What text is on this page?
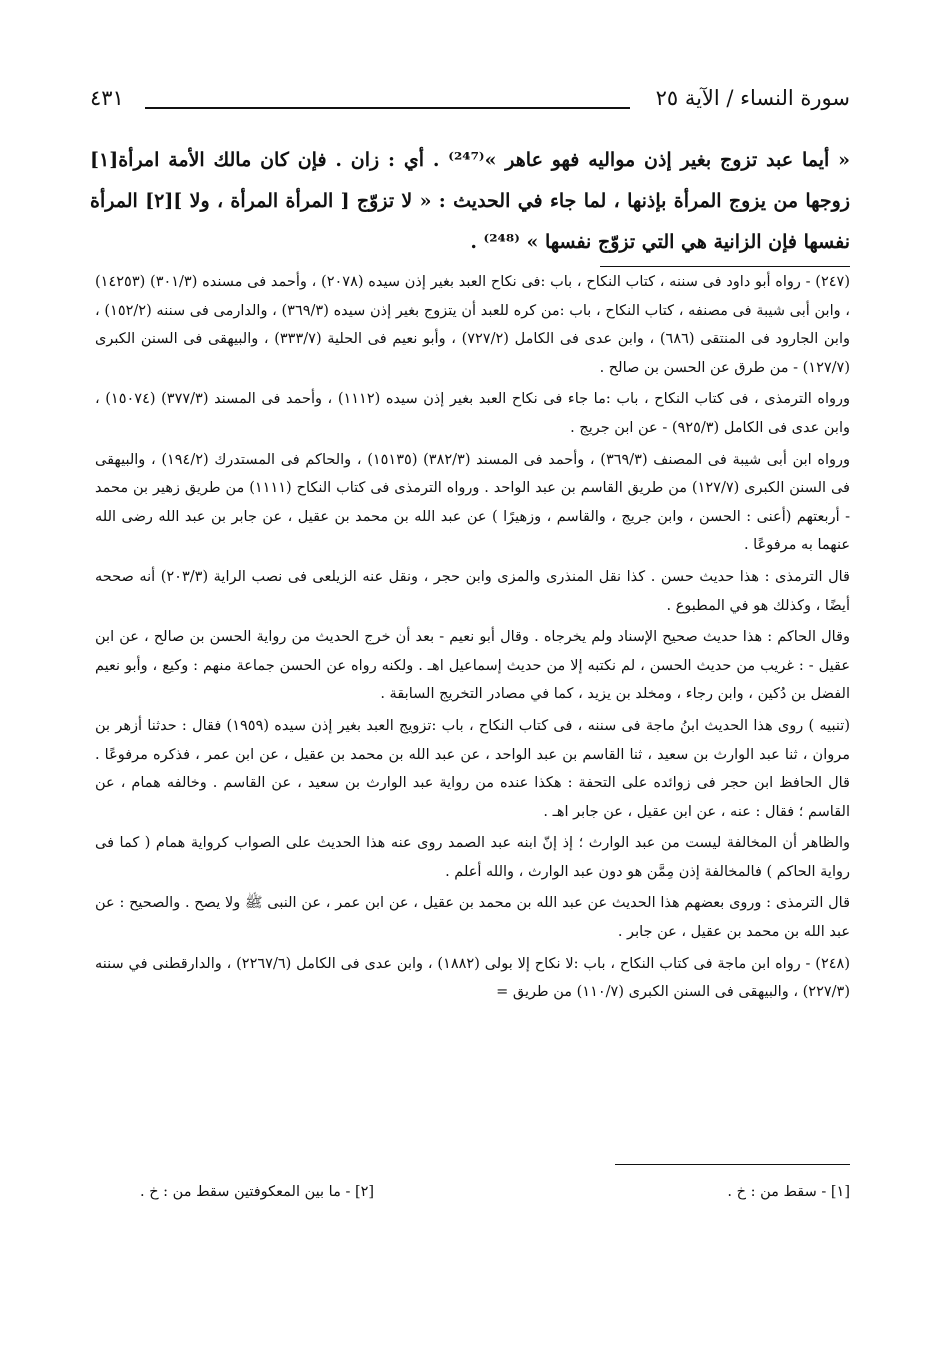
سورة النساء / الآية ٢٥
٤٣١

« أيما عبد تزوج بغير إذن مواليه فهو عاهر »⁽²⁴⁷⁾ . أي : زان . فإن كان مالك الأمة امرأة[١] زوجها من يزوج المرأة بإذنها ، لما جاء في الحديث : « لا تزوّج [ المرأة المرأة ، ولا ][٢] المرأة نفسها فإن الزانية هي التي تزوّج نفسها » ⁽²⁴⁸⁾ .

(٢٤٧) - رواه أبو داود فى سننه ، كتاب النكاح ، باب :فى نكاح العبد بغير إذن سيده (٢٠٧٨) ، وأحمد فى مسنده (٣٠١/٣) (١٤٢٥٣) ، وابن أبى شيبة فى مصنفه ، كتاب النكاح ، باب :من كره للعبد أن يتزوج بغير إذن سيده (٣٦٩/٣) ، والدارمى فى سننه (١٥٢/٢) ، وابن الجارود فى المنتقى (٦٨٦) ، وابن عدى فى الكامل (٧٢٧/٢) ، وأبو نعيم فى الحلية (٣٣٣/٧) ، والبيهقى فى السنن الكبرى (١٢٧/٧) - من طرق عن الحسن بن صالح .

ورواه الترمذى ، فى كتاب النكاح ، باب :ما جاء فى نكاح العبد بغير إذن سيده (١١١٢) ، وأحمد فى المسند (٣٧٧/٣) (١٥٠٧٤) ، وابن عدى فى الكامل (٩٢٥/٣) - عن ابن جريج .

ورواه ابن أبى شيبة فى المصنف (٣٦٩/٣) ، وأحمد فى المسند (٣٨٢/٣) (١٥١٣٥) ، والحاكم فى المستدرك (١٩٤/٢) ، والبيهقى فى السنن الكبرى (١٢٧/٧) من طريق القاسم بن عبد الواحد . ورواه الترمذى فى كتاب النكاح (١١١١) من طريق زهير بن محمد - أربعتهم (أعنى : الحسن ، وابن جريج ، والقاسم ، وزهيرًا ) عن عبد الله بن محمد بن عقيل ، عن جابر بن عبد الله رضى الله عنهما به مرفوعًا .

قال الترمذى : هذا حديث حسن . كذا نقل المنذرى والمزى وابن حجر ، ونقل عنه الزيلعى فى نصب الراية (٢٠٣/٣) أنه صححه أيضًا ، وكذلك هو في المطبوع .

وقال الحاكم : هذا حديث صحيح الإسناد ولم يخرجاه . وقال أبو نعيم - بعد أن خرج الحديث من رواية الحسن بن صالح ، عن ابن عقيل - : غريب من حديث الحسن ، لم نكتبه إلا من حديث إسماعيل اهـ . ولكنه رواه عن الحسن جماعة منهم : وكيع ، وأبو نعيم الفضل بن دُكين ، وابن رجاء ، ومخلد بن يزيد ، كما في مصادر التخريج السابقة .

(تنبيه ) روى هذا الحديث ابنُ ماجة فى سننه ، فى كتاب النكاح ، باب :تزويج العبد بغير إذن سيده (١٩٥٩) فقال : حدثنا أزهر بن مروان ، ثنا عبد الوارث بن سعيد ، ثنا القاسم بن عبد الواحد ، عن عبد الله بن محمد بن عقيل ، عن ابن عمر ، فذكره مرفوعًا . قال الحافظ ابن حجر فى زوائده على التحفة : هكذا عنده من رواية عبد الوارث بن سعيد ، عن القاسم . وخالفه همام ، عن القاسم ؛ فقال : عنه ، عن ابن عقيل ، عن جابر اهـ .

والظاهر أن المخالفة ليست من عبد الوارث ؛ إذ إنّ ابنه عبد الصمد روى عنه هذا الحديث على الصواب كرواية همام ( كما فى رواية الحاكم ) فالمخالفة إذن مِمَّن هو دون عبد الوارث ، والله أعلم .

قال الترمذى : وروى بعضهم هذا الحديث عن عبد الله بن محمد بن عقيل ، عن ابن عمر ، عن النبى ﷺ ولا يصح . والصحيح : عن عبد الله بن محمد بن عقيل ، عن جابر .

(٢٤٨) - رواه ابن ماجة فى كتاب النكاح ، باب :لا نكاح إلا بولى (١٨٨٢) ، وابن عدى فى الكامل (٢٢٦٧/٦) ، والدارقطنى في سننه (٢٢٧/٣) ، والبيهقى فى السنن الكبرى (١١٠/٧) من طريق =

[١] - سقط من : خ .
[٢] - ما بين المعكوفتين سقط من : خ .
